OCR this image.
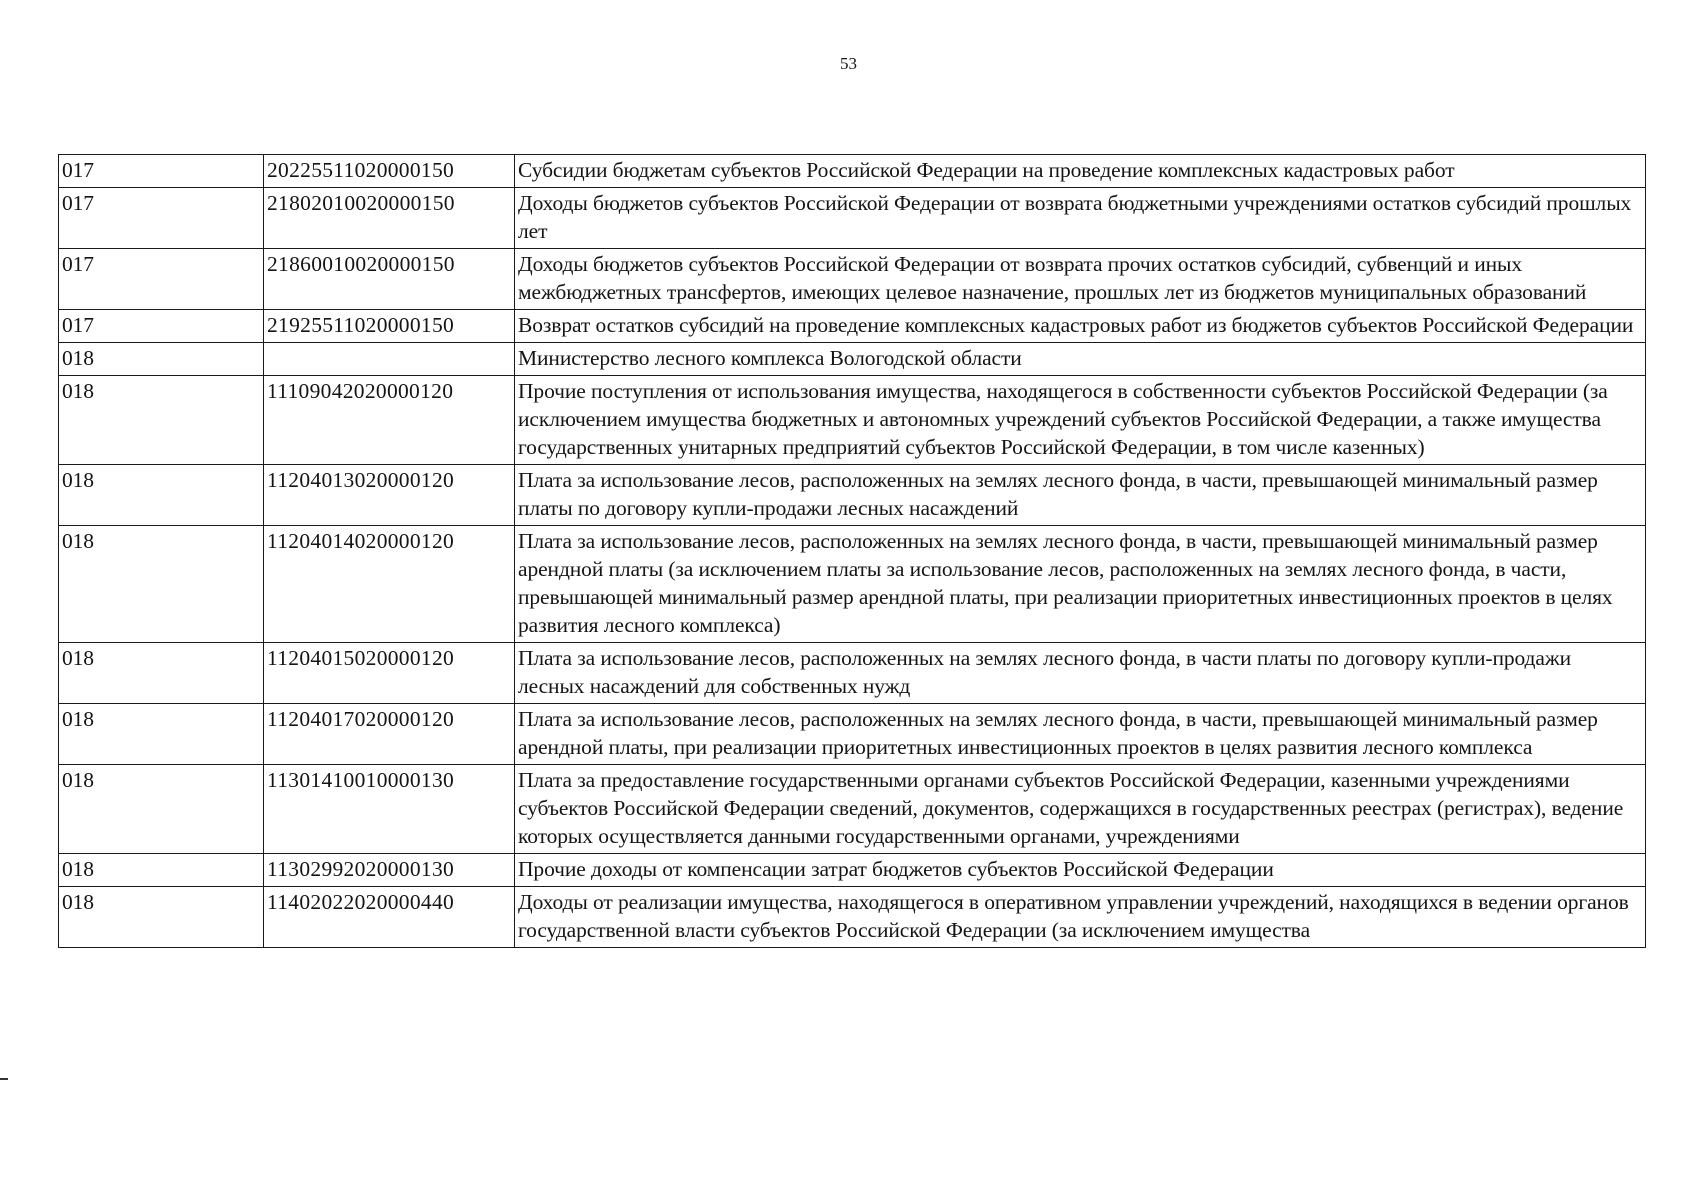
53
017	20225511020000150	Субсидии бюджетам субъектов Российской Федерации на проведение комплексных кадастровых работ
017	21802010020000150	Доходы бюджетов субъектов Российской Федерации от возврата бюджетными учреждениями остатков субсидий прошлых лет
017	21860010020000150	Доходы бюджетов субъектов Российской Федерации от возврата прочих остатков субсидий, субвенций и иных межбюджетных трансфертов, имеющих целевое назначение, прошлых лет из бюджетов муниципальных образований
017	21925511020000150	Возврат остатков субсидий на проведение комплексных кадастровых работ из бюджетов субъектов Российской Федерации
018		Министерство лесного комплекса Вологодской области
018	11109042020000120	Прочие поступления от использования имущества, находящегося в собственности субъектов Российской Федерации (за исключением имущества бюджетных и автономных учреждений субъектов Российской Федерации, а также имущества государственных унитарных предприятий субъектов Российской Федерации, в том числе казенных)
018	11204013020000120	Плата за использование лесов, расположенных на землях лесного фонда, в части, превышающей минимальный размер платы по договору купли-продажи лесных насаждений
018	11204014020000120	Плата за использование лесов, расположенных на землях лесного фонда, в части, превышающей минимальный размер арендной платы (за исключением платы за использование лесов, расположенных на землях лесного фонда, в части, превышающей минимальный размер арендной платы, при реализации приоритетных инвестиционных проектов в целях развития лесного комплекса)
018	11204015020000120	Плата за использование лесов, расположенных на землях лесного фонда, в части платы по договору купли-продажи лесных насаждений для собственных нужд
018	11204017020000120	Плата за использование лесов, расположенных на землях лесного фонда, в части, превышающей минимальный размер арендной платы, при реализации приоритетных инвестиционных проектов в целях развития лесного комплекса
018	11301410010000130	Плата за предоставление государственными органами субъектов Российской Федерации, казенными учреждениями субъектов Российской Федерации сведений, документов, содержащихся в государственных реестрах (регистрах), ведение которых осуществляется данными государственными органами, учреждениями
018	11302992020000130	Прочие доходы от компенсации затрат бюджетов субъектов Российской Федерации
018	11402022020000440	Доходы от реализации имущества, находящегося в оперативном управлении учреждений, находящихся в ведении органов государственной власти субъектов Российской Федерации (за исключением имущества
